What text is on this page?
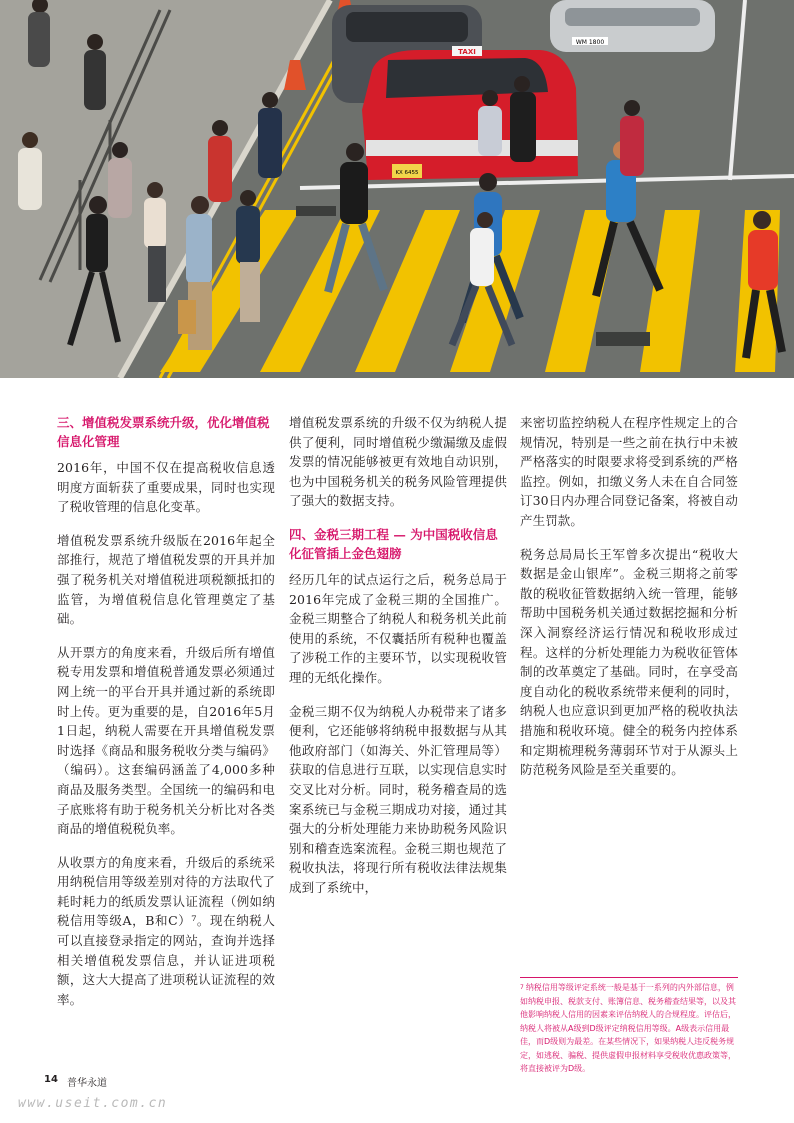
WM 1800
TAXI
KX 6455

三、增值税发票系统升级，优化增值税信息化管理

2016年，中国不仅在提高税收信息透明度方面斩获了重要成果，同时也实现了税收管理的信息化变革。

增值税发票系统升级版在2016年起全部推行，规范了增值税发票的开具并加强了税务机关对增值税进项税额抵扣的监管，为增值税信息化管理奠定了基础。

从开票方的角度来看，升级后所有增值税专用发票和增值税普通发票必须通过网上统一的平台开具并通过新的系统即时上传。更为重要的是，自2016年5月1日起，纳税人需要在开具增值税发票时选择《商品和服务税收分类与编码》（编码）。这套编码涵盖了4,000多种商品及服务类型。全国统一的编码和电子底账将有助于税务机关分析比对各类商品的增值税税负率。

从收票方的角度来看，升级后的系统采用纳税信用等级差别对待的方法取代了耗时耗力的纸质发票认证流程（例如纳税信用等级A，B和C）⁷。现在纳税人可以直接登录指定的网站，查询并选择相关增值税发票信息，并认证进项税额，这大大提高了进项税认证流程的效率。

增值税发票系统的升级不仅为纳税人提供了便利，同时增值税少缴漏缴及虚假发票的情况能够被更有效地自动识别，也为中国税务机关的税务风险管理提供了强大的数据支持。

四、金税三期工程 — 为中国税收信息化征管插上金色翅膀

经历几年的试点运行之后，税务总局于2016年完成了金税三期的全国推广。金税三期整合了纳税人和税务机关此前使用的系统，不仅囊括所有税种也覆盖了涉税工作的主要环节，以实现税收管理的无纸化操作。

金税三期不仅为纳税人办税带来了诸多便利，它还能够将纳税申报数据与从其他政府部门（如海关、外汇管理局等）获取的信息进行互联，以实现信息实时交叉比对分析。同时，税务稽查局的选案系统已与金税三期成功对接，通过其强大的分析处理能力来协助税务风险识别和稽查选案流程。金税三期也规范了税收执法，将现行所有税收法律法规集成到了系统中，

来密切监控纳税人在程序性规定上的合规情况，特别是一些之前在执行中未被严格落实的时限要求将受到系统的严格监控。例如，扣缴义务人未在自合同签订30日内办理合同登记备案，将被自动产生罚款。

税务总局局长王军曾多次提出“税收大数据是金山银库”。金税三期将之前零散的税收征管数据纳入统一管理，能够帮助中国税务机关通过数据挖掘和分析深入洞察经济运行情况和税收形成过程。这样的分析处理能力为税收征管体制的改革奠定了基础。同时，在享受高度自动化的税收系统带来便利的同时，纳税人也应意识到更加严格的税收执法措施和税收环境。健全的税务内控体系和定期梳理税务薄弱环节对于从源头上防范税务风险是至关重要的。

$^7$ 纳税信用等级评定系统一般是基于一系列的内外部信息，例如纳税申报、税款支付、账簿信息、税务稽查结果等，以及其他影响纳税人信用的因素来评估纳税人的合规程度。评估后，纳税人将被从A级到D级评定纳税信用等级。A级表示信用最佳，而D级则为最差。在某些情况下，如果纳税人违反税务规定，如逃税、骗税、提供虚假申报材料享受税收优惠政策等，将直接被评为D级。
14 普华永道
www.useit.com.cn
